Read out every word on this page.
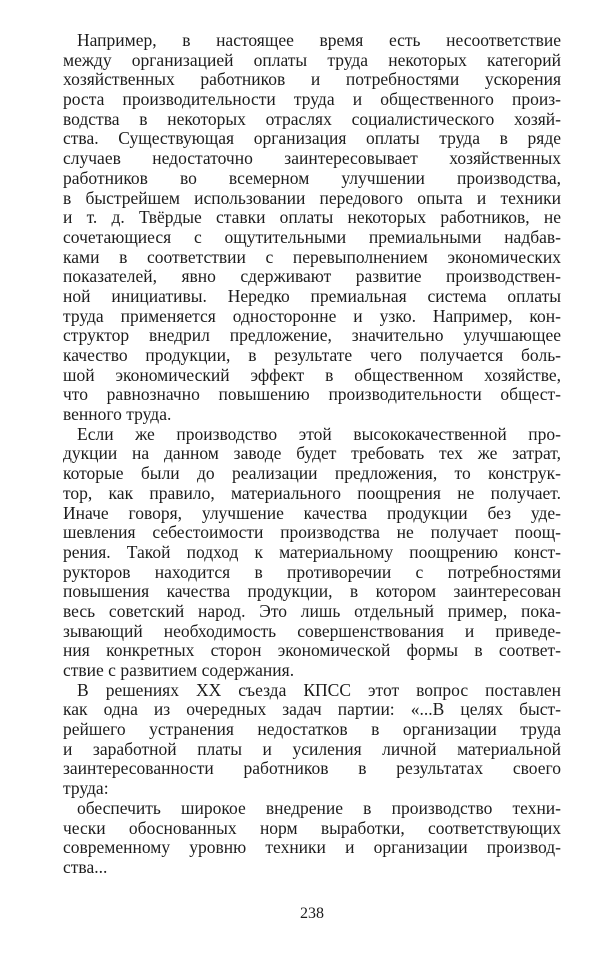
Например, в настоящее время есть несоответствие
между организацией оплаты труда некоторых категорий
хозяйственных работников и потребностями ускорения
роста производительности труда и общественного произ-
водства в некоторых отраслях социалистического хозяй-
ства. Существующая организация оплаты труда в ряде
случаев недостаточно заинтересовывает хозяйственных
работников во всемерном улучшении производства,
в быстрейшем использовании передового опыта и техники
и т. д. Твёрдые ставки оплаты некоторых работников, не
сочетающиеся с ощутительными премиальными надбав-
ками в соответствии с перевыполнением экономических
показателей, явно сдерживают развитие производствен-
ной инициативы. Нередко премиальная система оплаты
труда применяется односторонне и узко. Например, кон-
структор внедрил предложение, значительно улучшающее
качество продукции, в результате чего получается боль-
шой экономический эффект в общественном хозяйстве,
что равнозначно повышению производительности общест-
венного труда.
Если же производство этой высококачественной про-
дукции на данном заводе будет требовать тех же затрат,
которые были до реализации предложения, то конструк-
тор, как правило, материального поощрения не получает.
Иначе говоря, улучшение качества продукции без уде-
шевления себестоимости производства не получает поощ-
рения. Такой подход к материальному поощрению конст-
рукторов находится в противоречии с потребностями
повышения качества продукции, в котором заинтересован
весь советский народ. Это лишь отдельный пример, пока-
зывающий необходимость совершенствования и приведе-
ния конкретных сторон экономической формы в соответ-
ствие с развитием содержания.
В решениях XX съезда КПСС этот вопрос поставлен
как одна из очередных задач партии: «...В целях быст-
рейшего устранения недостатков в организации труда
и заработной платы и усиления личной материальной
заинтересованности работников в результатах своего
труда:
обеспечить широкое внедрение в производство техни-
чески обоснованных норм выработки, соответствующих
современному уровню техники и организации производ-
ства...
238
